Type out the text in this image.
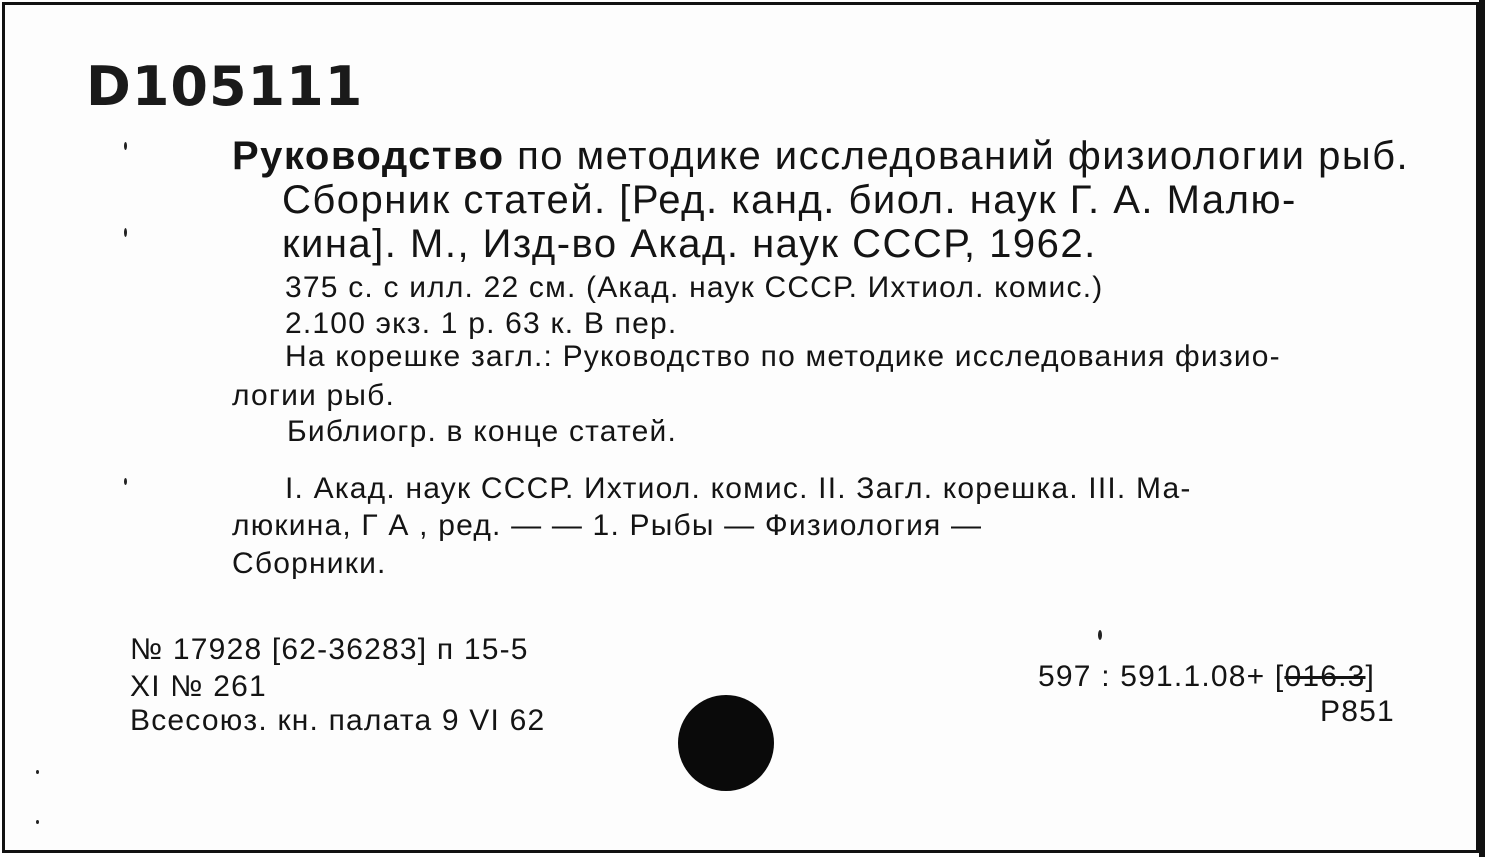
D105111
Руководство по методике исследований физиологии рыб.
Сборник статей. [Ред. канд. биол. наук Г. А. Малю-
кина]. М., Изд-во Акад. наук СССР, 1962.
375 с. с илл. 22 см. (Акад. наук СССР. Ихтиол. комис.)
2.100 экз. 1 р. 63 к. В пер.
На корешке загл.: Руководство по методике исследования физио-
логии рыб.
Библиогр. в конце статей.
I. Акад. наук СССР. Ихтиол. комис. II. Загл. корешка. III. Ма-
люкина, Г А , ред. — — 1. Рыбы — Физиология —
Сборники.
№ 17928 [62-36283] п 15-5
XI № 261
Всесоюз. кн. палата 9 VI 62
597 : 591.1.08+ [016.3]
P851
